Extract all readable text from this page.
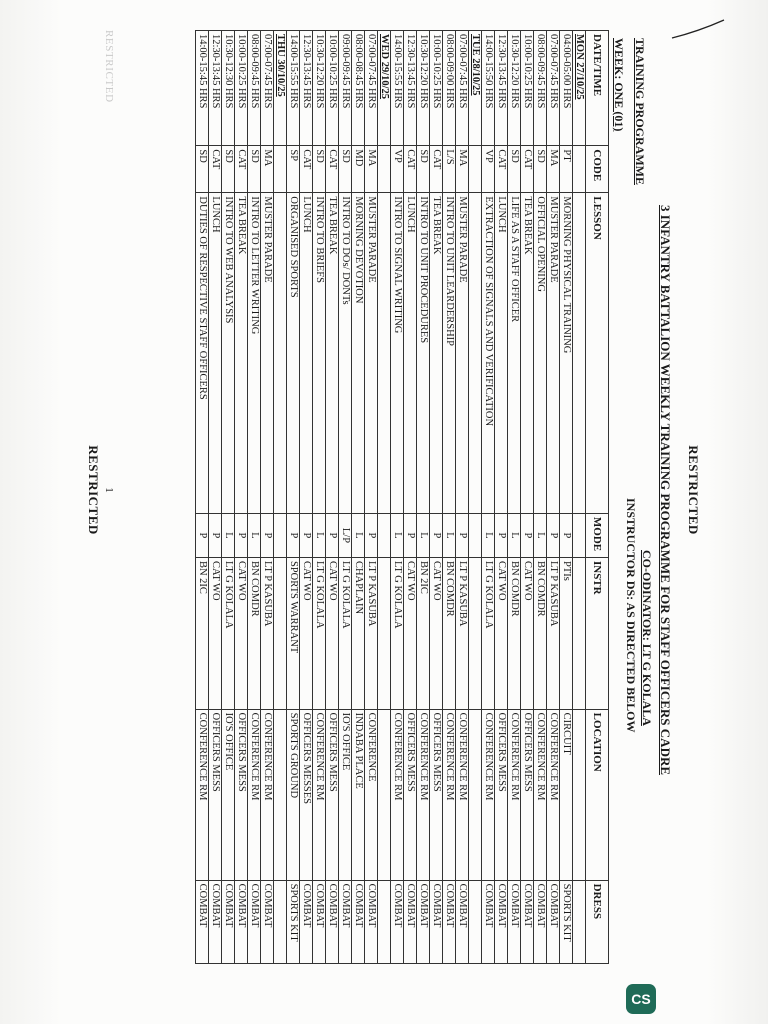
RESTRICTED
3 INFANTRY BATTALION WEEKLY TRAINING PROGRAMME FOR STAFF OFFICERS CADRE
CO-ODINATOR: LT G KOLALA
INSTRUCTOR DS: AS DIRECTED BELOW
TRAINING PROGRAMME
WEEK: ONE (01)
DATE/TIME	CODE	LESSON	MODE	INSTR	LOCATION	DRESS
MON 27/10/25						
04:00-05:00 HRS	PT	MORNING PHYSICAL TRAINING	P	PTIs	CIRCUIT	SPORTS KIT
07:00-07:45 HRS	MA	MUSTER PARADE	P	LT P KASUBA	CONFERENCE RM	COMBAT
08:00-09:45 HRS	SD	OFFICIAL OPENING	L	BN COMDR	CONFERENCE RM	COMBAT
10:00-10:25 HRS	CAT	TEA BREAK	P	CAT WO	OFFICERS MESS	COMBAT
10:30-12:20 HRS	SD	LIFE AS A STAFF OFFICER	L	BN COMDR	CONFERENCE RM	COMBAT
12:30-13:45 HRS	CAT	LUNCH	P	CAT WO	OFFICERS MESS	COMBAT
14:00-15:50 HRS	VP	EXTRACTION OF SIGNALS AND VERIFICATION	L	LT G KOLALA	CONFERENCE RM	COMBAT
TUE 28/10/25						
07:00-07:45 HRS	MA	MUSTER PARADE	P	LT P KASUBA	CONFERENCE RM	COMBAT
08:00-09:00 HRS	L/S	INTRO TO UNIT LEARDERSHIP	L	BN COMDR	CONFERENCE RM	COMBAT
10:00-10:25 HRS	CAT	TEA BREAK	P	CAT WO	OFFICERS MESS	COMBAT
10:30-12:20 HRS	SD	INTRO TO UNIT PROCEDURES	L	BN 2IC	CONFERENCE RM	COMBAT
12:30-13:45 HRS	CAT	LUNCH	P	CAT WO	OFFICERS MESS	COMBAT
14:00-15:55 HRS	VP	INTRO TO SIGNAL WRITING	L	LT G KOLALA	CONFERENCE RM	COMBAT
WED 29/10/25						
07:00-07:45 HRS	MA	MUSTER PARADE	P	LT P KASUBA	CONFERENCE	COMBAT
08:00-08:45 HRS	MD	MORNING DEVOTION	L	CHAPLAIN	INDABA PLACE	COMBAT
09:00-09:45 HRS	SD	INTRO TO DOs/ DONTs	L/P	LT G KOLALA	IO'S OFFICE	COMBAT
10:00-10:25 HRS	CAT	TEA BREAK	P	CAT WO	OFFICERS MESS	COMBAT
10:30-12:20 HRS	SD	INTRO TO BRIEFS	L	LT G KOLALA	CONFERENCE RM	COMBAT
12:30-13:45 HRS	CAT	LUNCH	P	CAT WO	OFFICERS MESSES	COMBAT
14:00-15:55 HRS	SP	ORGANISED SPORTS	P	SPORTS WARRANT	SPORTS GROUND	SPORTS KIT
THU 30/10/25						
07:00-07:45 HRS	MA	MUSTER PARADE	P	LT P KASUBA	CONFERENCE RM	COMBAT
08:00-09:45 HRS	SD	INTRO TO LETTER WRITING	L	BN COMDR	CONFERENCE RM	COMBAT
10:00-10:25 HRS	CAT	TEA BREAK	P	CAT WO	OFFICERS MESS	COMBAT
10:30-12:30 HRS	SD	INTRO TO WEB ANALYSIS	L	LT G KOLALA	IO'S OFFICE	COMBAT
12:30-13:45 HRS	CAT	LUNCH	P	CAT WO	OFFICERS MESS	COMBAT
14:00-15:45 HRS	SD	DUTIES OF RESPECTIVE STAFF OFFICERS	P	BN 2IC	CONFERENCE RM	COMBAT
RESTRICTED
1
RESTRICTED
CS
